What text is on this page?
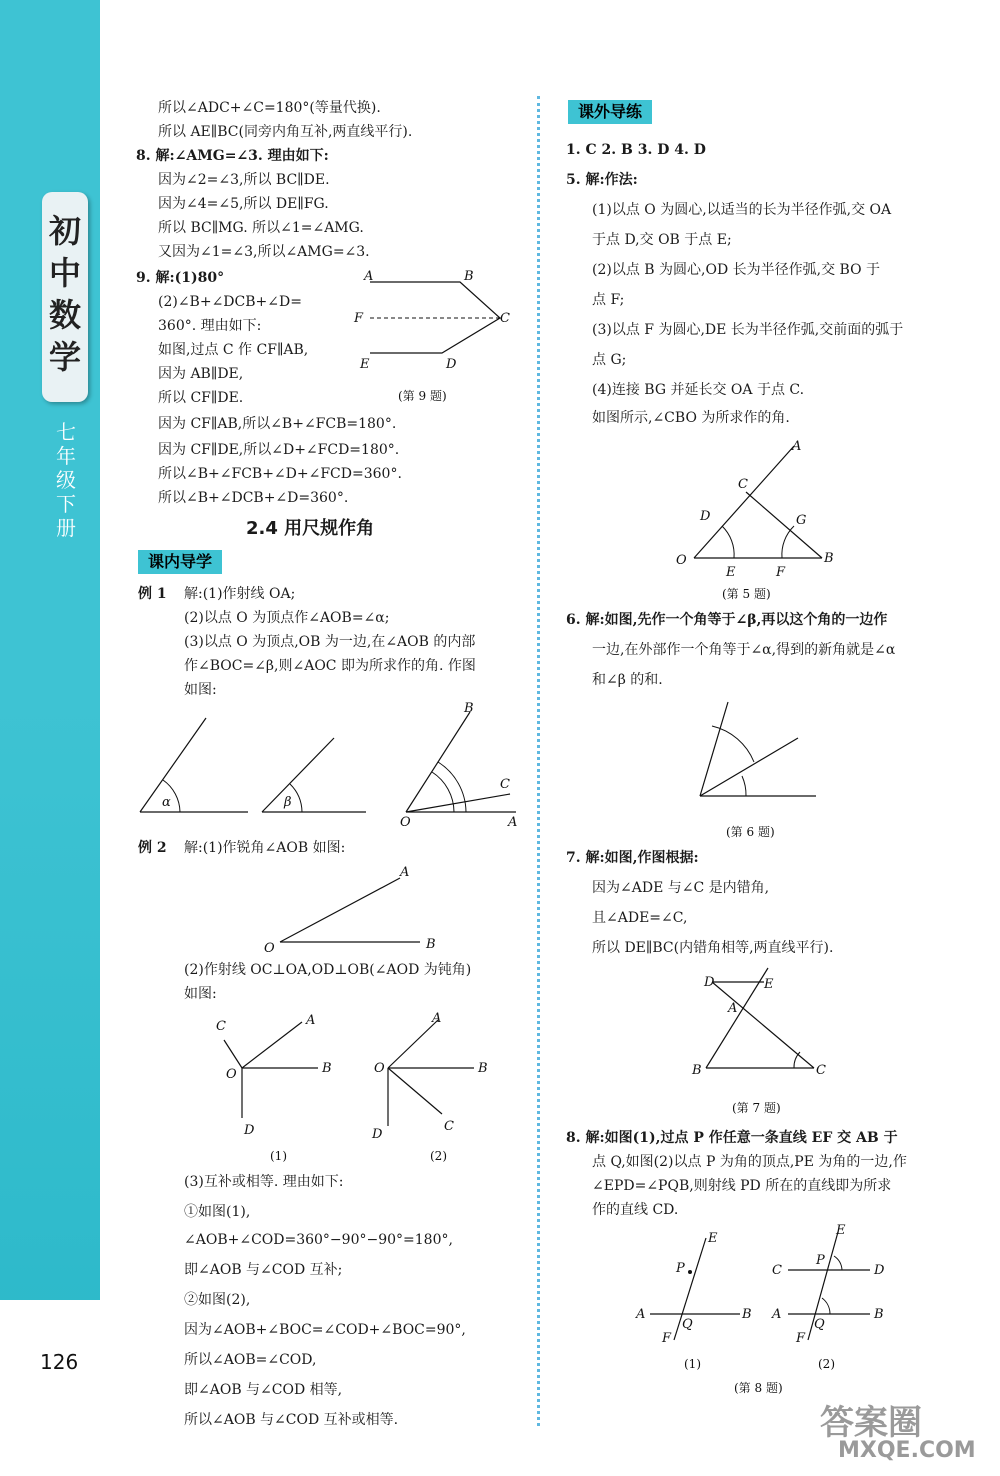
初中数学
七年级下册
126
所以∠ADC+∠C=180°(等量代换).
所以 AE∥BC(同旁内角互补,两直线平行).
8. 解:∠AMG=∠3. 理由如下:
因为∠2=∠3,所以 BC∥DE.
因为∠4=∠5,所以 DE∥FG.
所以 BC∥MG. 所以∠1=∠AMG.
又因为∠1=∠3,所以∠AMG=∠3.
9. 解:(1)80°
(2)∠B+∠DCB+∠D=
360°. 理由如下:
如图,过点 C 作 CF∥AB,
因为 AB∥DE,
所以 CF∥DE.
因为 CF∥AB,所以∠B+∠FCB=180°.
因为 CF∥DE,所以∠D+∠FCD=180°.
所以∠B+∠FCB+∠D+∠FCD=360°.
所以∠B+∠DCB+∠D=360°.
A	B
C
D
E
F
(第 9 题)
2.4 用尺规作角
课内导学
例 1 解:(1)作射线 OA;
(2)以点 O 为顶点作∠AOB=∠α;
(3)以点 O 为顶点,OB 为一边,在∠AOB 的内部
作∠BOC=∠β,则∠AOC 即为所求作的角. 作图
如图:
α	β
B
C
O	A
例 2 解:(1)作锐角∠AOB 如图:
A
O	B
(2)作射线 OC⊥OA,OD⊥OB(∠AOD 为钝角)
如图:
C	A
O	B
D
(1)
A
O	B
C
D
(2)
(3)互补或相等. 理由如下:
①如图(1),
∠AOB+∠COD=360°−90°−90°=180°,
即∠AOB 与∠COD 互补;
②如图(2),
因为∠AOB+∠BOC=∠COD+∠BOC=90°,
所以∠AOB=∠COD,
即∠AOB 与∠COD 相等,
所以∠AOB 与∠COD 互补或相等.
课外导练
1. C 2. B 3. D 4. D
5. 解:作法:
(1)以点 O 为圆心,以适当的长为半径作弧,交 OA
于点 D,交 OB 于点 E;
(2)以点 B 为圆心,OD 长为半径作弧,交 BO 于
点 F;
(3)以点 F 为圆心,DE 长为半径作弧,交前面的弧于
点 G;
(4)连接 BG 并延长交 OA 于点 C.
如图所示,∠CBO 为所求作的角.
A
C
D	G
O
E	F
B
(第 5 题)
6. 解:如图,先作一个角等于∠β,再以这个角的一边作
一边,在外部作一个角等于∠α,得到的新角就是∠α
和∠β 的和.
(第 6 题)
7. 解:如图,作图根据:
因为∠ADE 与∠C 是内错角,
且∠ADE=∠C,
所以 DE∥BC(内错角相等,两直线平行).
D	E
A
B	C
(第 7 题)
8. 解:如图(1),过点 P 作任意一条直线 EF 交 AB 于
点 Q,如图(2)以点 P 为角的顶点,PE 为角的一边,作
∠EPD=∠PQB,则射线 PD 所在的直线即为所求
作的直线 CD.
E
P
A	B
Q
F
(1)
E
P
C	D
A	B
Q
F
(2)
(第 8 题)
答案圈
MXQE.COM
